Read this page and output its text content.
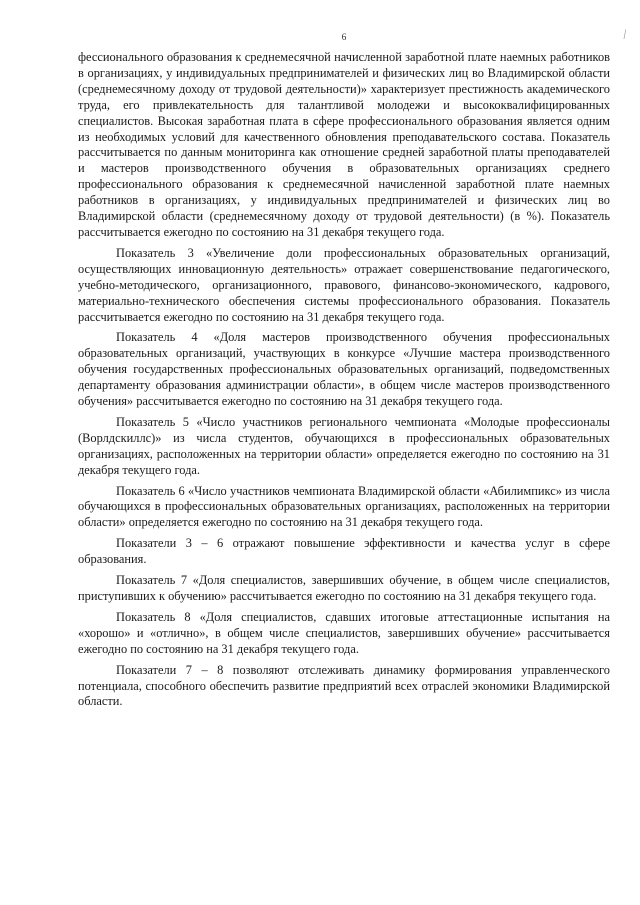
⁄
6

фессионального образования к среднемесячной начисленной заработной плате наемных работников в организациях, у индивидуальных предпринимателей и физических лиц во Владимирской области (среднемесячному доходу от трудовой деятельности)» характеризует престижность академического труда, его привлекательность для талантливой молодежи и высококвалифицированных специалистов. Высокая заработная плата в сфере профессионального образования является одним из необходимых условий для качественного обновления преподавательского состава. Показатель рассчитывается по данным мониторинга как отношение средней заработной платы преподавателей и мастеров производственного обучения в образовательных организациях среднего профессионального образования к среднемесячной начисленной заработной плате наемных работников в организациях, у индивидуальных предпринимателей и физических лиц во Владимирской области (среднемесячному доходу от трудовой деятельности) (в %). Показатель рассчитывается ежегодно по состоянию на 31 декабря текущего года.

Показатель 3 «Увеличение доли профессиональных образовательных организаций, осуществляющих инновационную деятельность» отражает совершенствование педагогического, учебно-методического, организационного, правового, финансово-экономического, кадрового, материально-технического обеспечения системы профессионального образования. Показатель рассчитывается ежегодно по состоянию на 31 декабря текущего года.

Показатель 4 «Доля мастеров производственного обучения профессиональных образовательных организаций, участвующих в конкурсе «Лучшие мастера производственного обучения государственных профессиональных образовательных организаций, подведомственных департаменту образования администрации области», в общем числе мастеров производственного обучения» рассчитывается ежегодно по состоянию на 31 декабря текущего года.

Показатель 5 «Число участников регионального чемпионата «Молодые профессионалы (Ворлдскиллс)» из числа студентов, обучающихся в профессиональных образовательных организациях, расположенных на территории области» определяется ежегодно по состоянию на 31 декабря текущего года.

Показатель 6 «Число участников чемпионата Владимирской области «Абилимпикс» из числа обучающихся в профессиональных образовательных организациях, расположенных на территории области» определяется ежегодно по состоянию на 31 декабря текущего года.

Показатели 3 – 6 отражают повышение эффективности и качества услуг в сфере образования.

Показатель 7 «Доля специалистов, завершивших обучение, в общем числе специалистов, приступивших к обучению» рассчитывается ежегодно по состоянию на 31 декабря текущего года.

Показатель 8 «Доля специалистов, сдавших итоговые аттестационные испытания на «хорошо» и «отлично», в общем числе специалистов, завершивших обучение» рассчитывается ежегодно по состоянию на 31 декабря текущего года.

Показатели 7 – 8 позволяют отслеживать динамику формирования управленческого потенциала, способного обеспечить развитие предприятий всех отраслей экономики Владимирской области.
